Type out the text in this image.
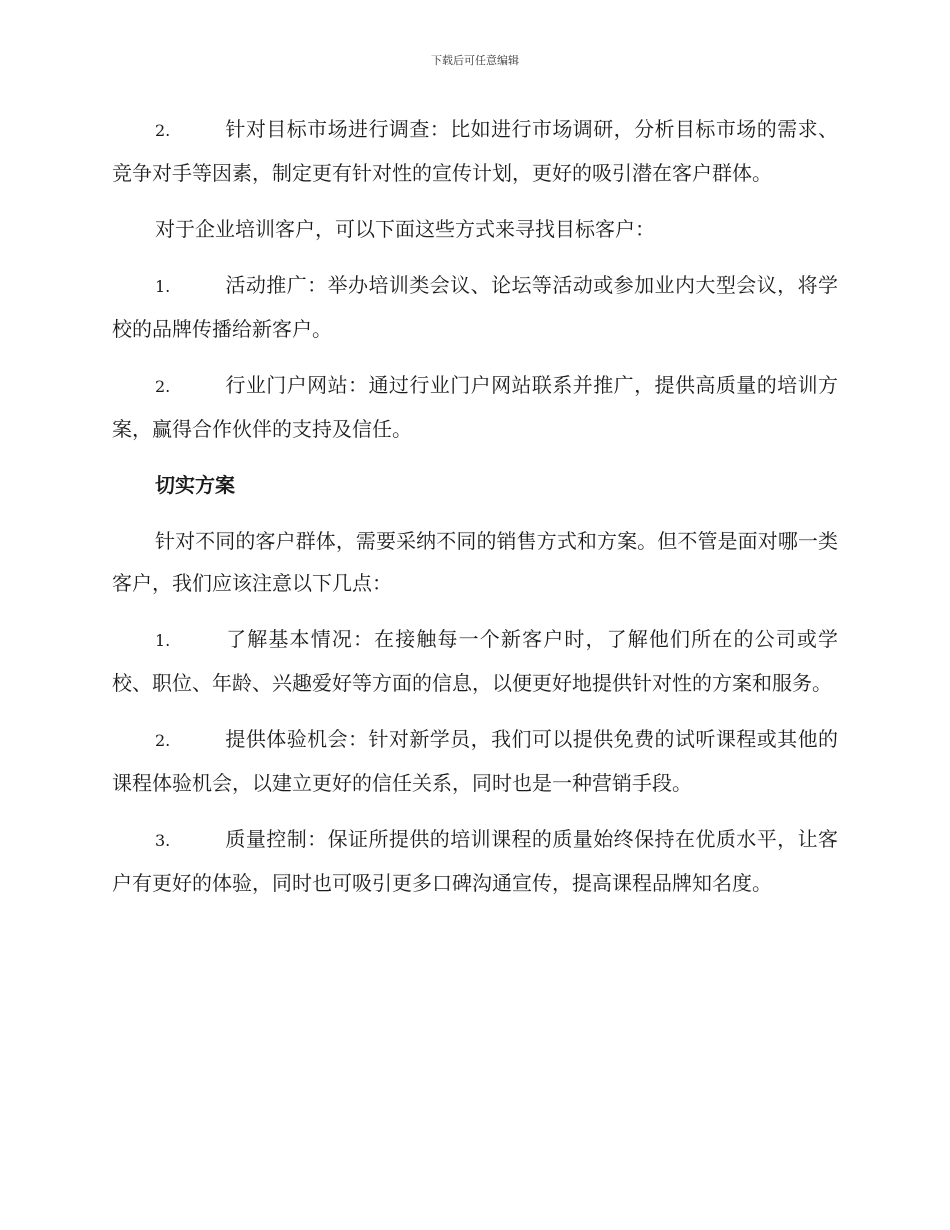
下载后可任意编辑

2.	针对目标市场进行调查：比如进行市场调研，分析目标市场的需求、竞争对手等因素，制定更有针对性的宣传计划，更好的吸引潜在客户群体。

对于企业培训客户，可以下面这些方式来寻找目标客户：

1.	活动推广：举办培训类会议、论坛等活动或参加业内大型会议，将学校的品牌传播给新客户。

2.	行业门户网站：通过行业门户网站联系并推广，提供高质量的培训方案，赢得合作伙伴的支持及信任。

切实方案

针对不同的客户群体，需要采纳不同的销售方式和方案。但不管是面对哪一类客户，我们应该注意以下几点：

1.	了解基本情况：在接触每一个新客户时，了解他们所在的公司或学校、职位、年龄、兴趣爱好等方面的信息，以便更好地提供针对性的方案和服务。

2.	提供体验机会：针对新学员，我们可以提供免费的试听课程或其他的课程体验机会，以建立更好的信任关系，同时也是一种营销手段。

3.	质量控制：保证所提供的培训课程的质量始终保持在优质水平，让客户有更好的体验，同时也可吸引更多口碑沟通宣传，提高课程品牌知名度。
